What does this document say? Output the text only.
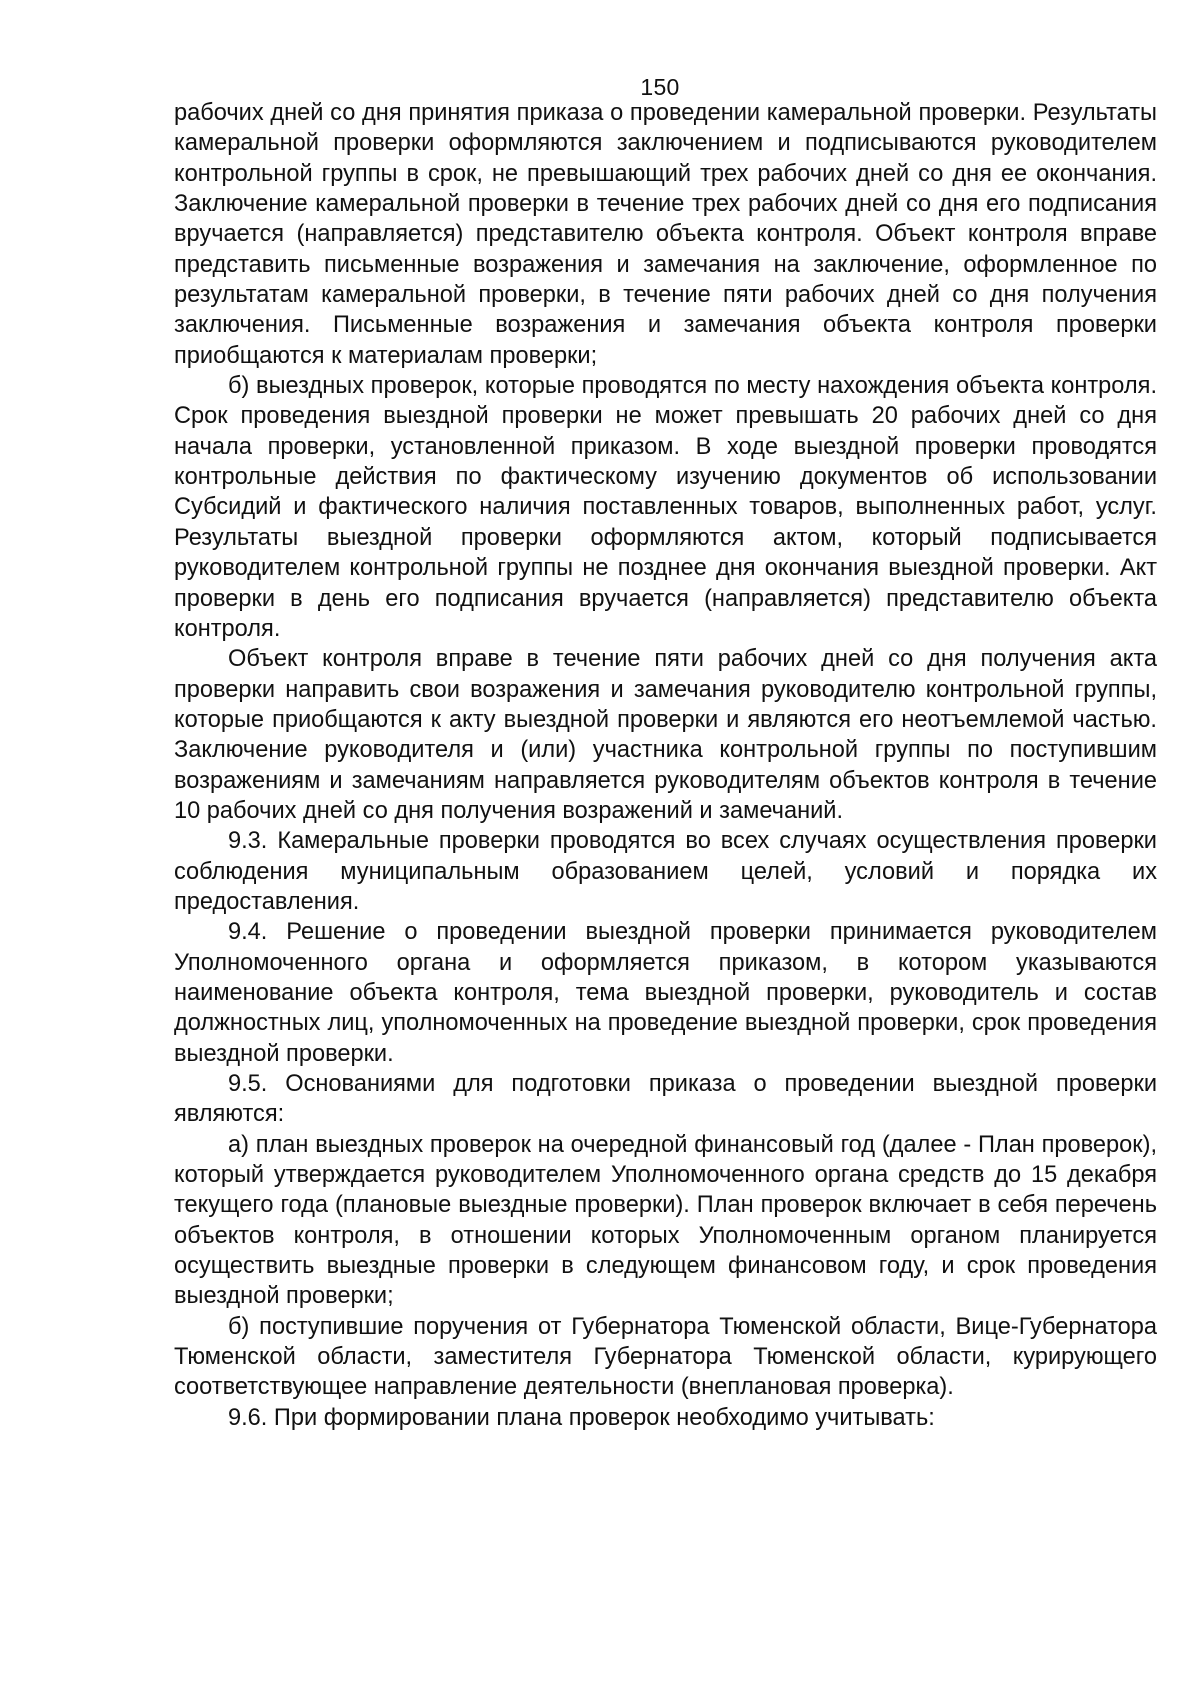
150

рабочих дней со дня принятия приказа о проведении камеральной проверки. Результаты камеральной проверки оформляются заключением и подписываются руководителем контрольной группы в срок, не превышающий трех рабочих дней со дня ее окончания. Заключение камеральной проверки в течение трех рабочих дней со дня его подписания вручается (направляется) представителю объекта контроля. Объект контроля вправе представить письменные возражения и замечания на заключение, оформленное по результатам камеральной проверки, в течение пяти рабочих дней со дня получения заключения. Письменные возражения и замечания объекта контроля проверки приобщаются к материалам проверки;

б) выездных проверок, которые проводятся по месту нахождения объекта контроля. Срок проведения выездной проверки не может превышать 20 рабочих дней со дня начала проверки, установленной приказом. В ходе выездной проверки проводятся контрольные действия по фактическому изучению документов об использовании Субсидий и фактического наличия поставленных товаров, выполненных работ, услуг. Результаты выездной проверки оформляются актом, который подписывается руководителем контрольной группы не позднее дня окончания выездной проверки. Акт проверки в день его подписания вручается (направляется) представителю объекта контроля.

Объект контроля вправе в течение пяти рабочих дней со дня получения акта проверки направить свои возражения и замечания руководителю контрольной группы, которые приобщаются к акту выездной проверки и являются его неотъемлемой частью. Заключение руководителя и (или) участника контрольной группы по поступившим возражениям и замечаниям направляется руководителям объектов контроля в течение 10 рабочих дней со дня получения возражений и замечаний.

9.3. Камеральные проверки проводятся во всех случаях осуществления проверки соблюдения муниципальным образованием целей, условий и порядка их предоставления.

9.4. Решение о проведении выездной проверки принимается руководителем Уполномоченного органа и оформляется приказом, в котором указываются наименование объекта контроля, тема выездной проверки, руководитель и состав должностных лиц, уполномоченных на проведение выездной проверки, срок проведения выездной проверки.

9.5. Основаниями для подготовки приказа о проведении выездной проверки являются:

а) план выездных проверок на очередной финансовый год (далее - План проверок), который утверждается руководителем Уполномоченного органа средств до 15 декабря текущего года (плановые выездные проверки). План проверок включает в себя перечень объектов контроля, в отношении которых Уполномоченным органом планируется осуществить выездные проверки в следующем финансовом году, и срок проведения выездной проверки;

б) поступившие поручения от Губернатора Тюменской области, Вице-Губернатора Тюменской области, заместителя Губернатора Тюменской области, курирующего соответствующее направление деятельности (внеплановая проверка).

9.6. При формировании плана проверок необходимо учитывать:
